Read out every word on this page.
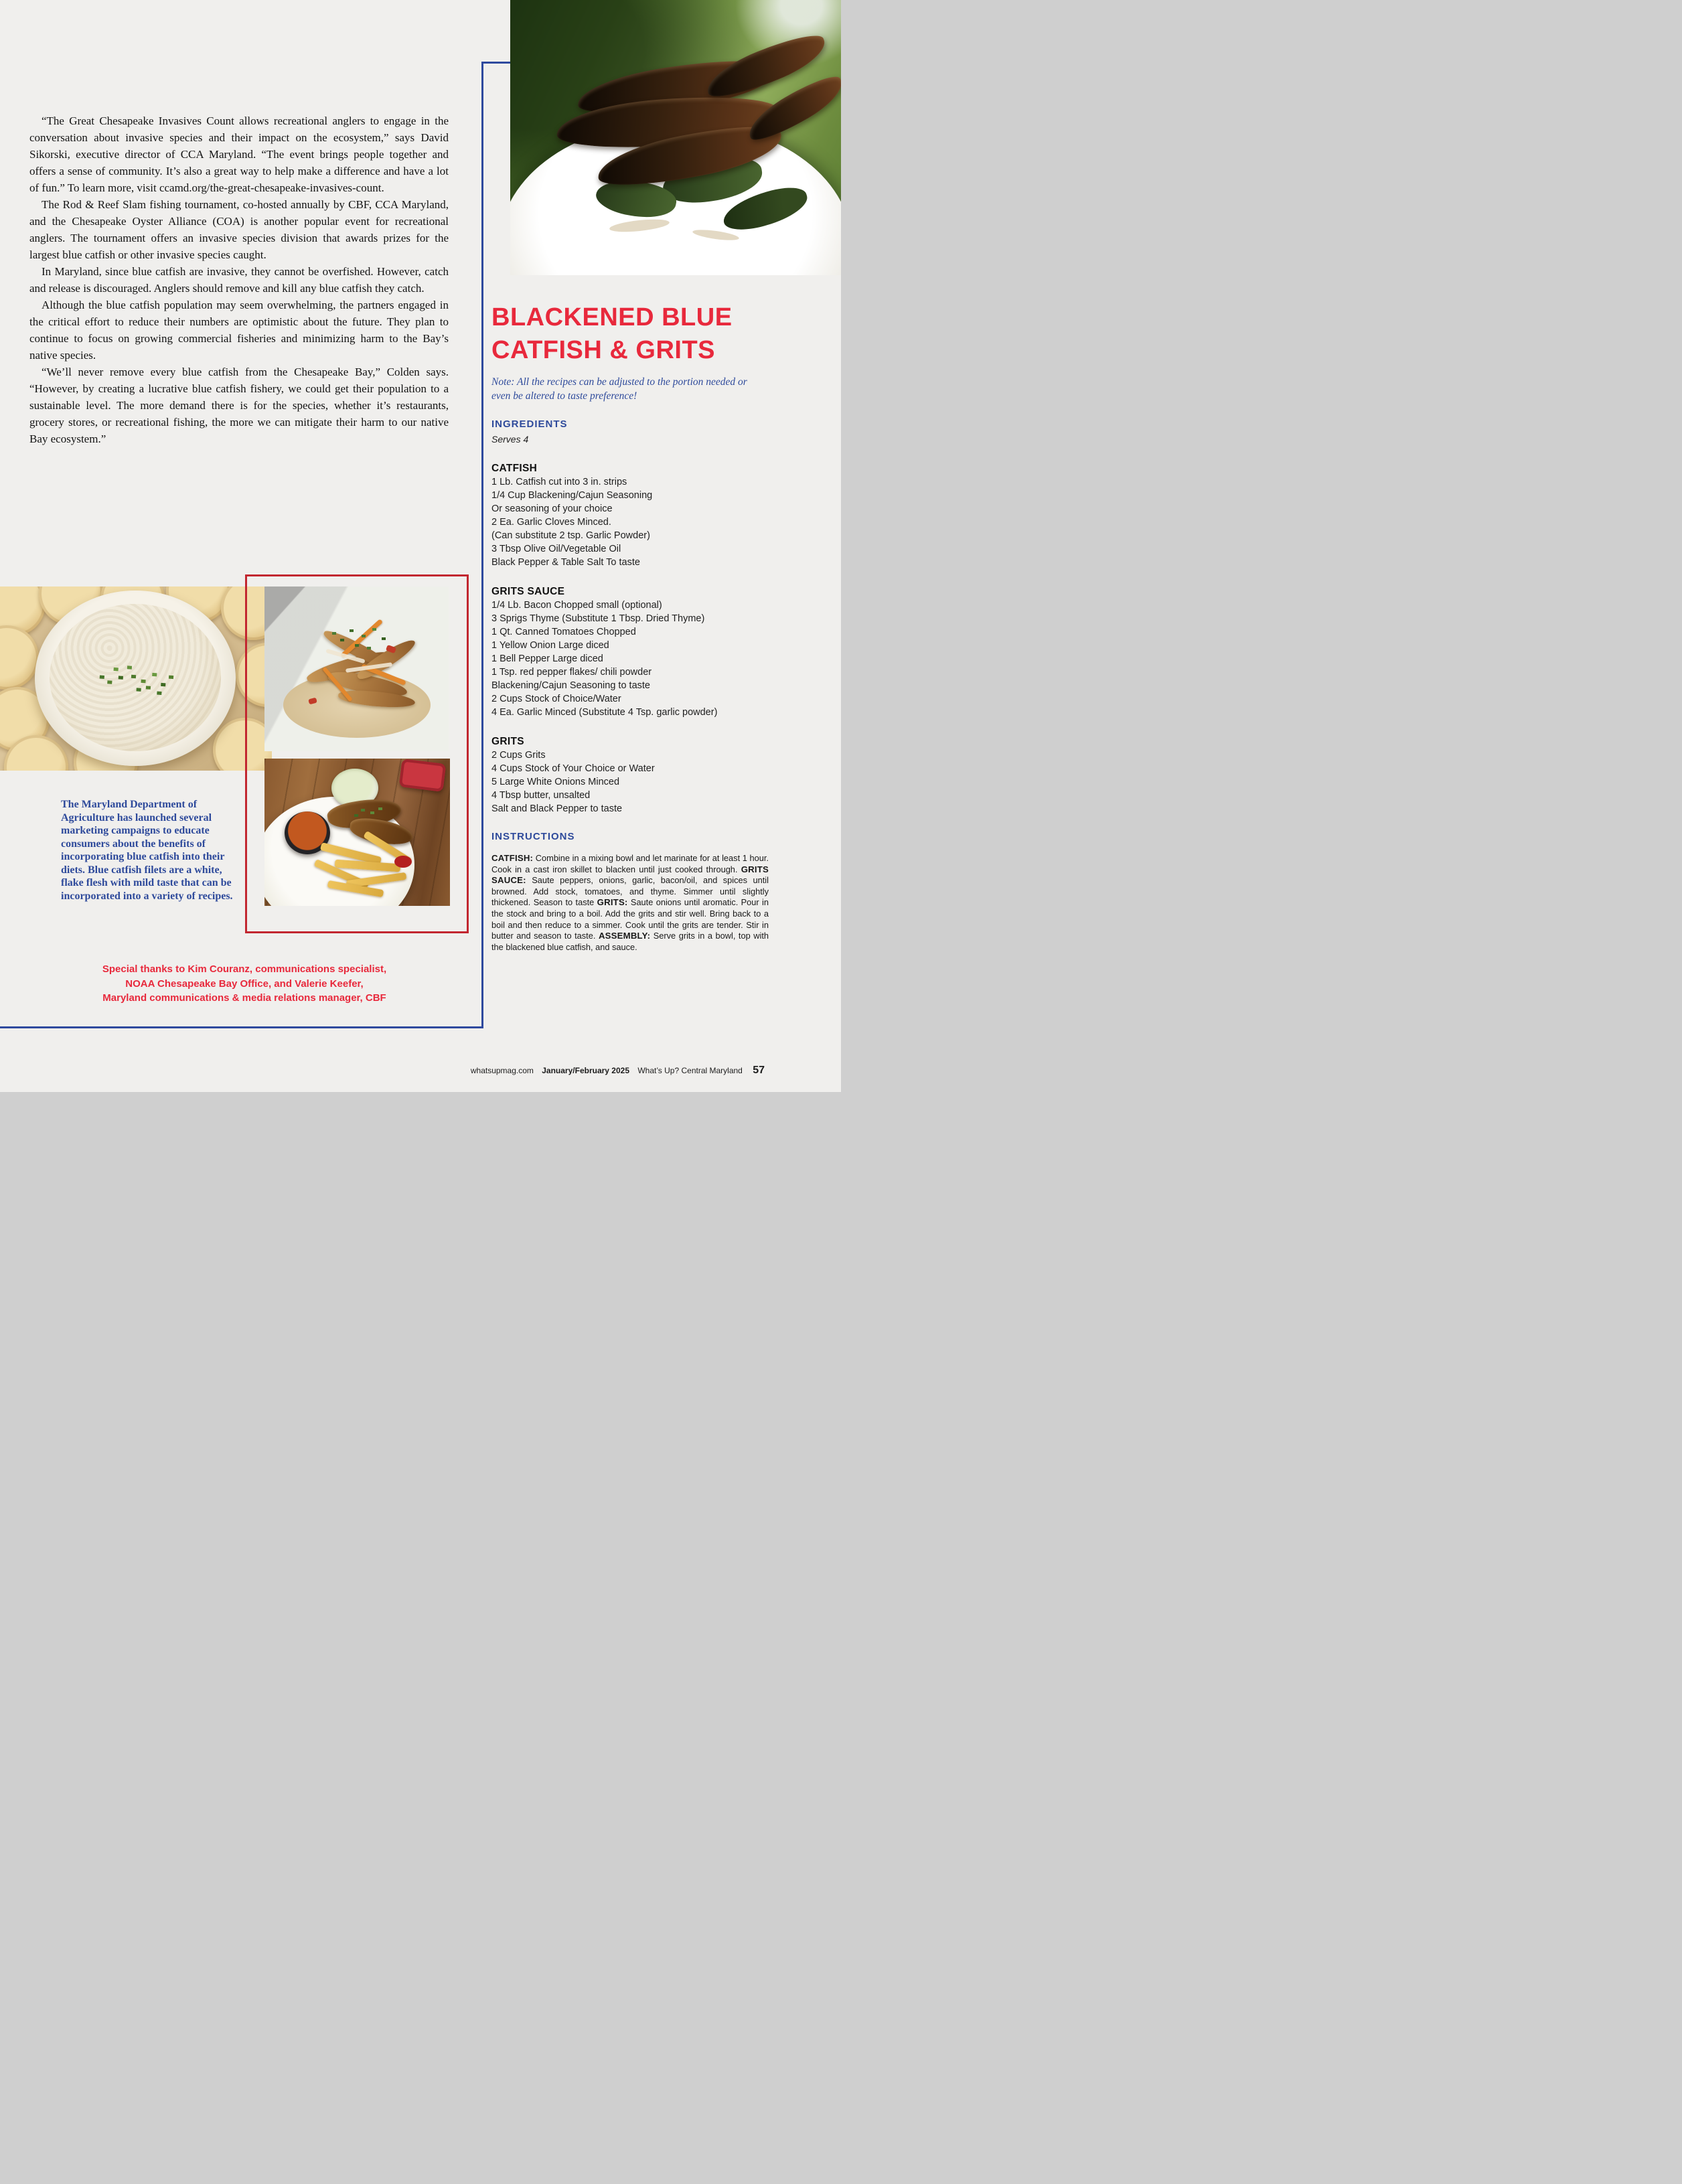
“The Great Chesapeake Invasives Count allows recreational anglers to engage in the conversation about invasive species and their impact on the ecosystem,” says David Sikorski, executive director of CCA Maryland. “The event brings people together and offers a sense of community. It’s also a great way to help make a difference and have a lot of fun.” To learn more, visit ccamd.org/the-great-chesapeake-invasives-count.

The Rod & Reef Slam fishing tournament, co-hosted annually by CBF, CCA Maryland, and the Chesapeake Oyster Alliance (COA) is another popular event for recreational anglers. The tournament offers an invasive species division that awards prizes for the largest blue catfish or other invasive species caught.

In Maryland, since blue catfish are invasive, they cannot be overfished. However, catch and release is discouraged. Anglers should remove and kill any blue catfish they catch.

Although the blue catfish population may seem overwhelming, the partners engaged in the critical effort to reduce their numbers are optimistic about the future. They plan to continue to focus on growing commercial fisheries and minimizing harm to the Bay’s native species.

“We’ll never remove every blue catfish from the Chesapeake Bay,” Colden says. “However, by creating a lucrative blue catfish fishery, we could get their population to a sustainable level. The more demand there is for the species, whether it’s restaurants, grocery stores, or recreational fishing, the more we can mitigate their harm to our native Bay ecosystem.”

BLACKENED BLUE
CATFISH & GRITS
Note: All the recipes can be adjusted to the portion needed or even be altered to taste preference!
INGREDIENTS
Serves 4
CATFISH
1 Lb. Catfish cut into 3 in. strips
1/4 Cup Blackening/Cajun Seasoning
Or seasoning of your choice
2 Ea. Garlic Cloves Minced.
(Can substitute 2 tsp. Garlic Powder)
3 Tbsp Olive Oil/Vegetable Oil
Black Pepper & Table Salt To taste
GRITS SAUCE
1/4 Lb. Bacon Chopped small (optional)
3 Sprigs Thyme (Substitute 1 Tbsp. Dried Thyme)
1 Qt. Canned Tomatoes Chopped
1 Yellow Onion Large diced
1 Bell Pepper Large diced
1 Tsp. red pepper flakes/ chili powder
Blackening/Cajun Seasoning to taste
2 Cups Stock of Choice/Water
4 Ea. Garlic Minced (Substitute 4 Tsp. garlic powder)
GRITS
2 Cups Grits
4 Cups Stock of Your Choice or Water
5 Large White Onions Minced
4 Tbsp butter, unsalted
Salt and Black Pepper to taste
INSTRUCTIONS

CATFISH: Combine in a mixing bowl and let marinate for at least 1 hour. Cook in a cast iron skillet to blacken until just cooked through. GRITS SAUCE: Saute peppers, onions, garlic, bacon/oil, and spices until browned. Add stock, tomatoes, and thyme. Simmer until slightly thickened. Season to taste GRITS: Saute onions until aromatic. Pour in the stock and bring to a boil. Add the grits and stir well. Bring back to a boil and then reduce to a simmer. Cook until the grits are tender. Stir in butter and season to taste. ASSEMBLY: Serve grits in a bowl, top with the blackened blue catfish, and sauce.

The Maryland Department of Agriculture has launched several marketing campaigns to educate consumers about the benefits of incorporating blue catfish into their diets. Blue catfish filets are a white, flake flesh with mild taste that can be incorporated into a variety of recipes.
Special thanks to Kim Couranz, communications specialist,
NOAA Chesapeake Bay Office, and Valerie Keefer,
Maryland communications & media relations manager, CBF
whatsupmag.com January/February 2025 What’s Up? Central Maryland 57
